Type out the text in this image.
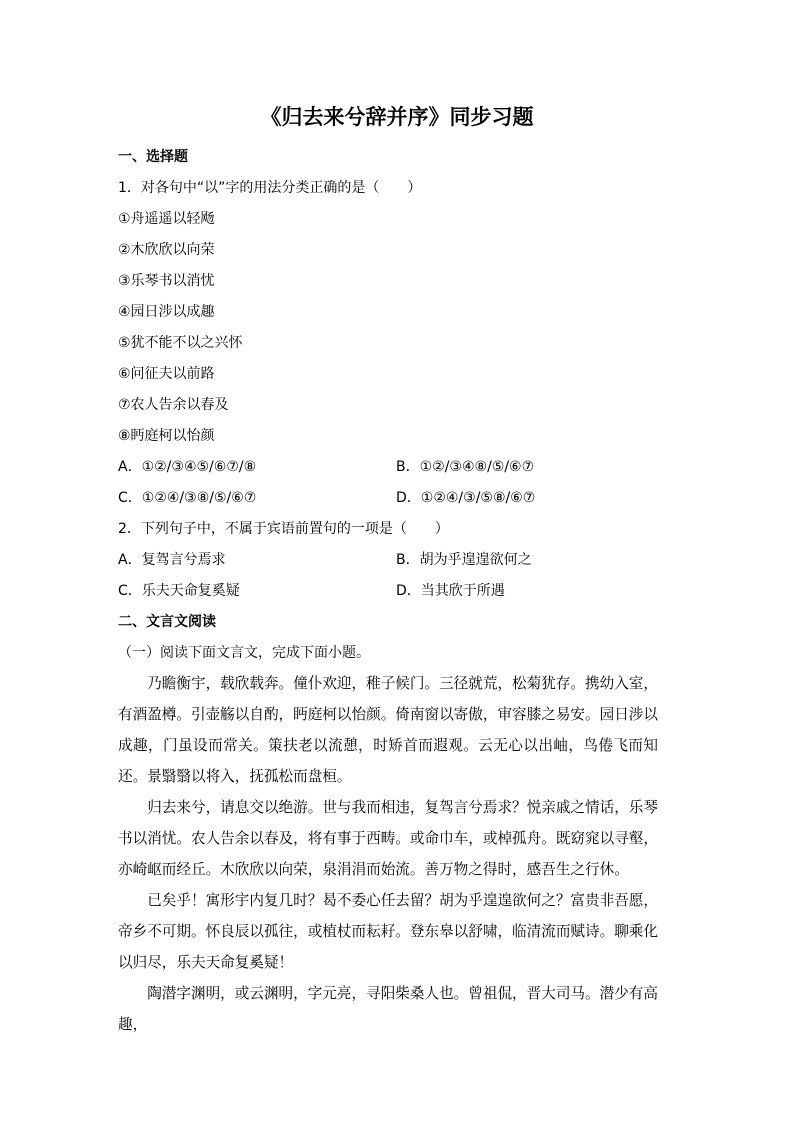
《归去来兮辞并序》同步习题
一、选择题
1．对各句中“以”字的用法分类正确的是（　　）
①舟遥遥以轻飏
②木欣欣以向荣
③乐琴书以消忧
④园日涉以成趣
⑤犹不能不以之兴怀
⑥问征夫以前路
⑦农人告余以春及
⑧眄庭柯以怡颜
A．①②/③④⑤/⑥⑦/⑧	B．①②/③④⑧/⑤/⑥⑦
C．①②④/③⑧/⑤/⑥⑦	D．①②④/③/⑤⑧/⑥⑦
2．下列句子中，不属于宾语前置句的一项是（　　）
A．复驾言兮焉求	B．胡为乎遑遑欲何之
C．乐夫天命复奚疑	D．当其欣于所遇
二、文言文阅读
（一）阅读下面文言文，完成下面小题。

乃瞻衡宇，载欣载奔。僮仆欢迎，稚子候门。三径就荒，松菊犹存。携幼入室，有酒盈樽。引壶觞以自酌，眄庭柯以怡颜。倚南窗以寄傲，审容膝之易安。园日涉以成趣，门虽设而常关。策扶老以流憩，时矫首而遐观。云无心以出岫，鸟倦飞而知还。景翳翳以将入，抚孤松而盘桓。

归去来兮，请息交以绝游。世与我而相违，复驾言兮焉求？悦亲戚之情话，乐琴书以消忧。农人告余以春及，将有事于西畴。或命巾车，或棹孤舟。既窈窕以寻壑，亦崎岖而经丘。木欣欣以向荣，泉涓涓而始流。善万物之得时，感吾生之行休。

已矣乎！寓形宇内复几时？曷不委心任去留？胡为乎遑遑欲何之？富贵非吾愿，帝乡不可期。怀良辰以孤往，或植杖而耘耔。登东皋以舒啸，临清流而赋诗。聊乘化以归尽，乐夫天命复奚疑！

陶潜字渊明，或云渊明，字元亮，寻阳柴桑人也。曾祖侃，晋大司马。潜少有高趣，
